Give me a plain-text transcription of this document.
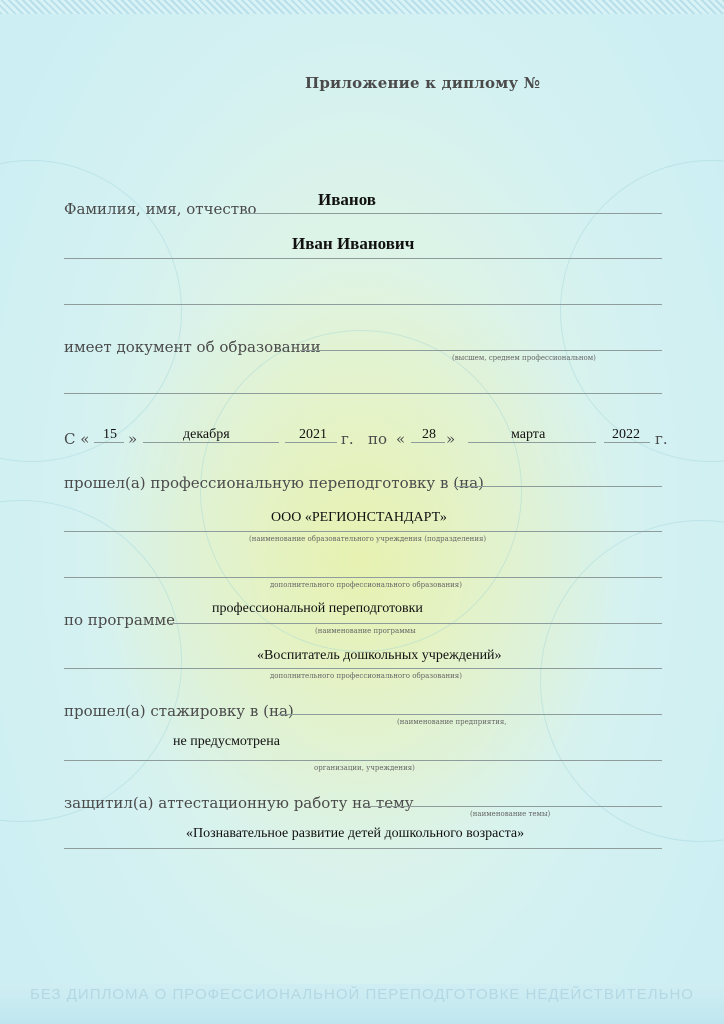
Приложение к диплому №
Фамилия, имя, отчество	Иванов
Иван Иванович
имеет документ об образовании
(высшем, среднем профессиональном)
С « 15 »	декабря	2021 г. по « 28 »	марта	2022 г.
прошел(а) профессиональную переподготовку в (на)
ООО «РЕГИОНСТАНДАРТ»
(наименование образовательного учреждения (подразделения)
дополнительного профессионального образования)
по программе
профессиональной переподготовки
(наименование программы
«Воспитатель дошкольных учреждений»
дополнительного профессионального образования)
прошел(а) стажировку в (на)
(наименование предприятия,
не предусмотрена
организации, учреждения)
защитил(а) аттестационную работу на тему
(наименование темы)
«Познавательное развитие детей дошкольного возраста»
БЕЗ ДИПЛОМА О ПРОФЕССИОНАЛЬНОЙ ПЕРЕПОДГОТОВКЕ НЕДЕЙСТВИТЕЛЬНО
